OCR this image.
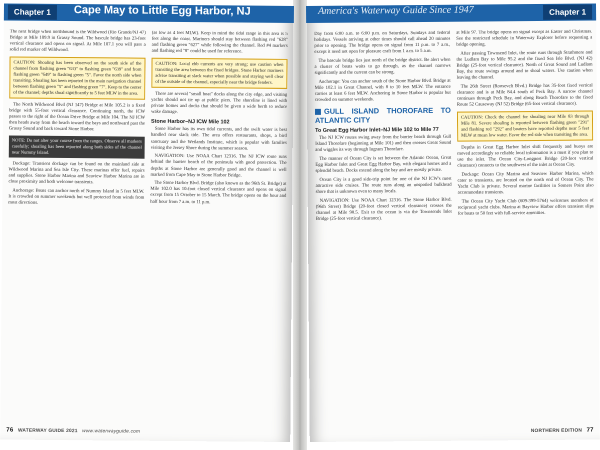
The next bridge when northbound is the Wildwood (Rio Grande/NJ 47) Bridge at Mile 109.9 in Grassy Sound. The bascule bridge has 23-foot vertical clearance and opens on signal. At Mile 107.1 you will pass a solid red marker off Wildwood.

CAUTION: Shoaling has been observed on the south side of the channel from flashing green "633" to flashing green "639" and from flashing green "649" to flashing green "5". Favor the north side when transiting. Shoaling has been reported in the main navigation channel between flashing green "5" and flashing green "7". Keep to the center of the channel; depths shoal significantly to 5 feet MLW in the area.

The North Wildwood Blvd (NJ 147) Bridge at Mile 105.2 is a fixed bridge with 55-foot vertical clearance. Continuing north, the ICW passes to the right of the Ocean Drive Bridge at Mile 104. The NJ ICW then heads away from the beach toward the bays and northward past the Grassy Sound and back toward Stone Harbor.

NOTE: Do not alter your course from the ranges. Observe all markers carefully; shoaling has been reported along both sides of the channel near Nummy Island.

Dockage: Transient dockage can be found on the mainland side at Wildwood Marina and Sea Isle City. These marinas offer fuel, repairs and supplies. Stone Harbor Marina and Seaview Harbor Marina are in close proximity and both welcome transients.

Anchorage: Boats can anchor north of Nummy Island in 5 feet MLW. It is crowded on summer weekends but well protected from winds from most directions.

(as low as 4 feet MLW). Keep in mind the tidal range in this area is 5 feet along the coast. Mariners should stay between flashing red "628" and flashing green "627" while following the channel. Red #4 markers and flashing red "8" could be used for reference.

CAUTION: Local ebb currents are very strong; use caution when transiting the area between the fixed bridges. Stone Harbor mariners advise transiting at slack water when possible and staying well clear of the outside of the channel, especially near the bridge fenders.

There are several "small boat" docks along the city edge, and visiting yachts should not tie up at public piers. The shoreline is lined with private homes and docks that should be given a wide berth to reduce wake damage.

Stone Harbor–NJ ICW Mile 102

Stone Harbor has its own tidal currents, and the swift water is best handled near slack tide. The area offers restaurants, shops, a bird sanctuary and the Wetlands Institute, which is popular with families visiting the Jersey Shore during the summer season.

NAVIGATION: Use NOAA Chart 12316. The NJ ICW route runs behind the barrier beach of the peninsula with good protection. The depths at Stone Harbor are generally good and the channel is well marked from Cape May to Stone Harbor Bridge.

The Stone Harbor Blvd. Bridge (also known as the 96th St. Bridge) at Mile 102.0 has 10-foot closed vertical clearance and opens on signal except from 15 October to 15 March. The bridge opens on the hour and half hour from 7 a.m. to 11 p.m.

76 WATERWAY GUIDE 2021 www.waterwayguide.com

Day from 6:00 a.m. to 6:00 p.m. on Saturdays, Sundays and federal holidays. Vessels arriving at other times should call ahead 20 minutes prior to opening. The bridge opens on signal from 11 p.m. to 7 a.m., except it need not open for pleasure craft from 1 a.m. to 5 a.m.

The bascule bridge lies just north of the bridge district. Be alert when a cluster of boats waits to go through, as the channel narrows significantly and the current can be strong.

Anchorage: You can anchor south of the Stone Harbor Blvd. Bridge at Mile 102.1 in Great Channel, with 8 to 10 feet MLW. The entrance carries at least 6 feet MLW. Anchoring in Stone Harbor is popular but crowded on summer weekends.

GULL ISLAND THOROFARE TO ATLANTIC CITY
To Great Egg Harbor Inlet–NJ Mile 102 to Mile 77

The NJ ICW routes swing away from the barrier beach through Gull Island Thorofare (beginning at Mile 101) and then crosses Great Sound and wiggles its way through Ingram Thorofare.

The manner of Ocean City is set between the Atlantic Ocean, Great Egg Harbor Inlet and Great Egg Harbor Bay, with elegant homes and a splendid beach. Docks extend along the bay and are mostly private.

Ocean City is a good side-trip point for one of the NJ ICW's most attractive side cruises. The route runs along an unspoiled bulkhead shore that is unknown even to many locals.

NAVIGATION: Use NOAA Chart 12316. The Stone Harbor Blvd. (96th Street) Bridge (20-foot closed vertical clearance) crosses the channel at Mile 98.5. Exit to the ocean is via the Townsends Inlet Bridge (25-foot vertical clearance).

at Mile 97. The bridge opens on signal except as Easter and Christmas. See the restricted schedule in Waterway Explorer before requesting a bridge opening.

After passing Townsend Inlet, the route runs through Strathmere and the Ludlam Bay to Mile 95.2 and the fixed Sea Isle Blvd. (NJ 42) Bridge (25-foot vertical clearance). North of Great Sound and Ludlam Bay, the route swings around and to shoal waters. Use caution when leaving the channel.

The 26th Street (Roosevelt Blvd.) Bridge has 35-foot fixed vertical clearance and is at Mile 84.4 south of Peck Bay. A narrow channel continues through Peck Bay, and along Beach Thorofare to the fixed Route 52 Causeway (NJ 52) Bridge (65-foot vertical clearance).

CAUTION: Check the channel for shoaling near Mile 83 through Mile 81. Severe shoaling is reported between flashing green "291" and flashing red "292" and boaters have reported depths near 5 feet MLW at mean low water. Favor the red side when transiting the area.

Depths in Great Egg Harbor Inlet shift frequently and buoys are moved accordingly so reliable local information is a must if you plan to use the inlet. The Ocean City-Longport Bridge (20-foot vertical clearance) connects to the southwest of the inlet at Ocean City.

Dockage: Ocean City Marina and Seaview Harbor Marina, which cater to transients, are located on the north end of Ocean City. The Yacht Club is private. Several marine facilities in Somers Point also accommodate transients.

The Ocean City Yacht Club (609-399-5764) welcomes members of reciprocal yacht clubs. Marina at Bayview Harbor offers transient slips for boats to 50 feet with full-service amenities.

NORTHERN EDITION 77
Chapter 1	Cape May to Little Egg Harbor, NJ	America's Waterway Guide Since 1947	Chapter 1
